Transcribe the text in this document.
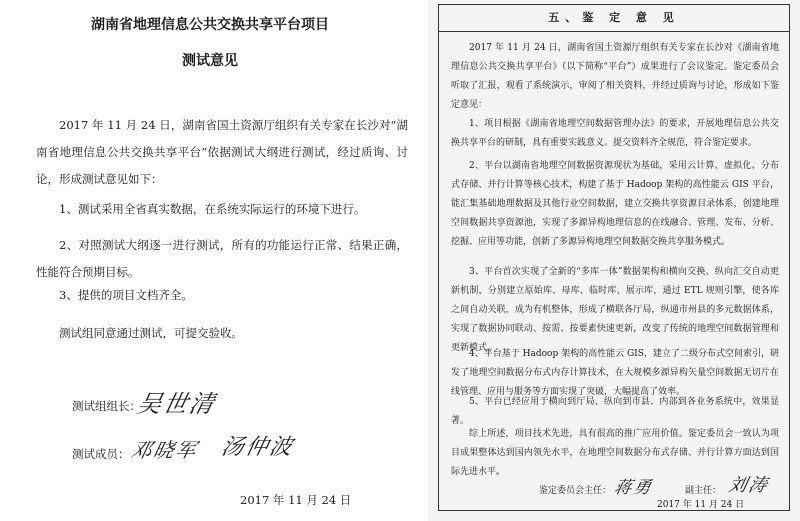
湖南省地理信息公共交换共享平台项目
测试意见
2017 年 11 月 24 日，湖南省国土资源厅组织有关专家在长沙对“湖南省地理信息公共交换共享平台”依据测试大纲进行测试，经过质询、讨论，形成测试意见如下：
1、测试采用全省真实数据，在系统实际运行的环境下进行。
2、对照测试大纲逐一进行测试，所有的功能运行正常、结果正确，性能符合预期目标。
3、提供的项目文档齐全。
测试组同意通过测试，可提交验收。
测试组组长：
吴世清
测试成员： 邓晓军 汤仲波
2017 年 11 月 24 日
五、鉴 定 意 见
2017 年 11 月 24 日，湖南省国土资源厅组织有关专家在长沙对《湖南省地理信息公共交换共享平台》（以下简称“平台”）成果进行了会议鉴定。鉴定委员会听取了汇报，观看了系统演示，审阅了相关资料，并经过质询与讨论，形成如下鉴定意见：
1、项目根据《湖南省地理空间数据管理办法》的要求，开展地理信息公共交换共享平台的研制，具有重要实践意义。提交资料齐全规范，符合鉴定要求。
2、平台以湖南省地理空间数据资源现状为基础，采用云计算、虚拟化、分布式存储、并行计算等核心技术，构建了基于 Hadoop 架构的高性能云 GIS 平台，能汇集基础地理数据及其他行业空间数据，建立交换共享资源目录体系，创建地理空间数据共享资源池，实现了多源异构地理信息的在线融合、管理、发布、分析、挖掘、应用等功能，创新了多源异构地理空间数据交换共享服务模式。
3、平台首次实现了全新的“多库一体”数据架构和横向交换、纵向汇交自动更新机制，分别建立原始库、母库、临时库、展示库，通过 ETL 规则引擎，使各库之间自动关联，成为有机整体，形成了横联各厅局，纵通市州县的多元数据体系，实现了数据协同联动、按需、按要素快速更新，改变了传统的地理空间数据管理和更新模式。
4、平台基于 Hadoop 架构的高性能云 GIS，建立了二级分布式空间索引，研发了地理空间数据分布式内存计算技术，在大规模多源异构矢量空间数据无切片在线管理、应用与服务等方面实现了突破，大幅提高了效率。
5、平台已经应用于横向到厅局、纵向到市县、内部到各业务系统中，效果显著。
综上所述，项目技术先进，具有很高的推广应用价值。鉴定委员会一致认为项目成果整体达到国内领先水平，在地理空间数据分布式存储、并行计算方面达到国际先进水平。
鉴定委员会主任： 蒋勇	副主任： 刘涛
2017 年 11 月 24 日
